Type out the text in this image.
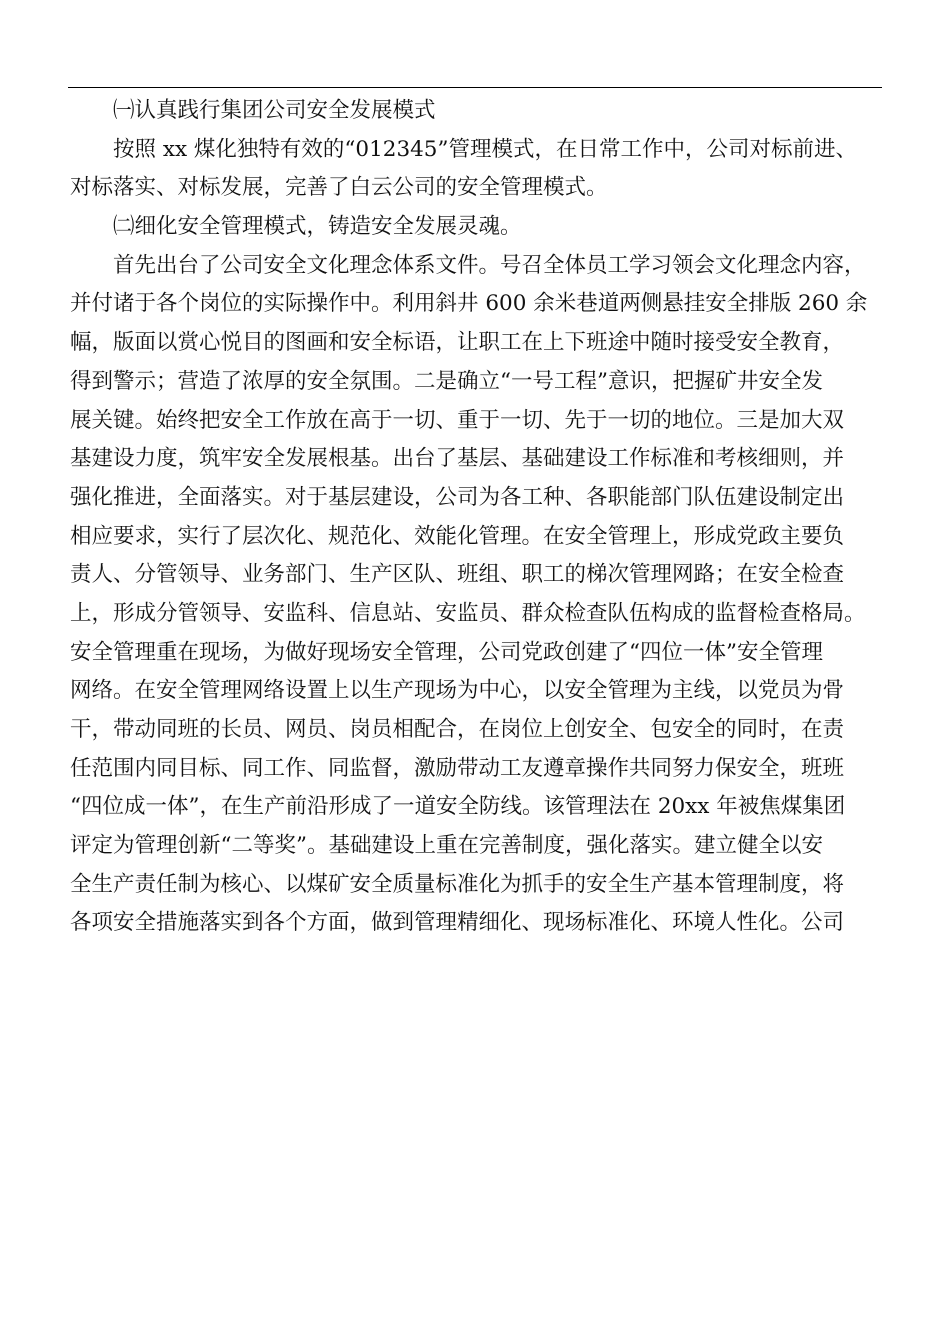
㈠认真践行集团公司安全发展模式

按照 xx 煤化独特有效的“012345”管理模式，在日常工作中，公司对标前进、
对标落实、对标发展，完善了白云公司的安全管理模式。

㈡细化安全管理模式，铸造安全发展灵魂。

首先出台了公司安全文化理念体系文件。号召全体员工学习领会文化理念内容，
并付诸于各个岗位的实际操作中。利用斜井 600 余米巷道两侧悬挂安全排版 260 余
幅，版面以赏心悦目的图画和安全标语，让职工在上下班途中随时接受安全教育，
得到警示；营造了浓厚的安全氛围。二是确立“一号工程”意识，把握矿井安全发
展关键。始终把安全工作放在高于一切、重于一切、先于一切的地位。三是加大双
基建设力度，筑牢安全发展根基。出台了基层、基础建设工作标准和考核细则，并
强化推进，全面落实。对于基层建设，公司为各工种、各职能部门队伍建设制定出
相应要求，实行了层次化、规范化、效能化管理。在安全管理上，形成党政主要负
责人、分管领导、业务部门、生产区队、班组、职工的梯次管理网路；在安全检查
上，形成分管领导、安监科、信息站、安监员、群众检查队伍构成的监督检查格局。
安全管理重在现场，为做好现场安全管理，公司党政创建了“四位一体”安全管理
网络。在安全管理网络设置上以生产现场为中心，以安全管理为主线，以党员为骨
干，带动同班的长员、网员、岗员相配合，在岗位上创安全、包安全的同时，在责
任范围内同目标、同工作、同监督，激励带动工友遵章操作共同努力保安全，班班
“四位成一体”，在生产前沿形成了一道安全防线。该管理法在 20xx 年被焦煤集团
评定为管理创新“二等奖”。基础建设上重在完善制度，强化落实。建立健全以安
全生产责任制为核心、以煤矿安全质量标准化为抓手的安全生产基本管理制度，将
各项安全措施落实到各个方面，做到管理精细化、现场标准化、环境人性化。公司
